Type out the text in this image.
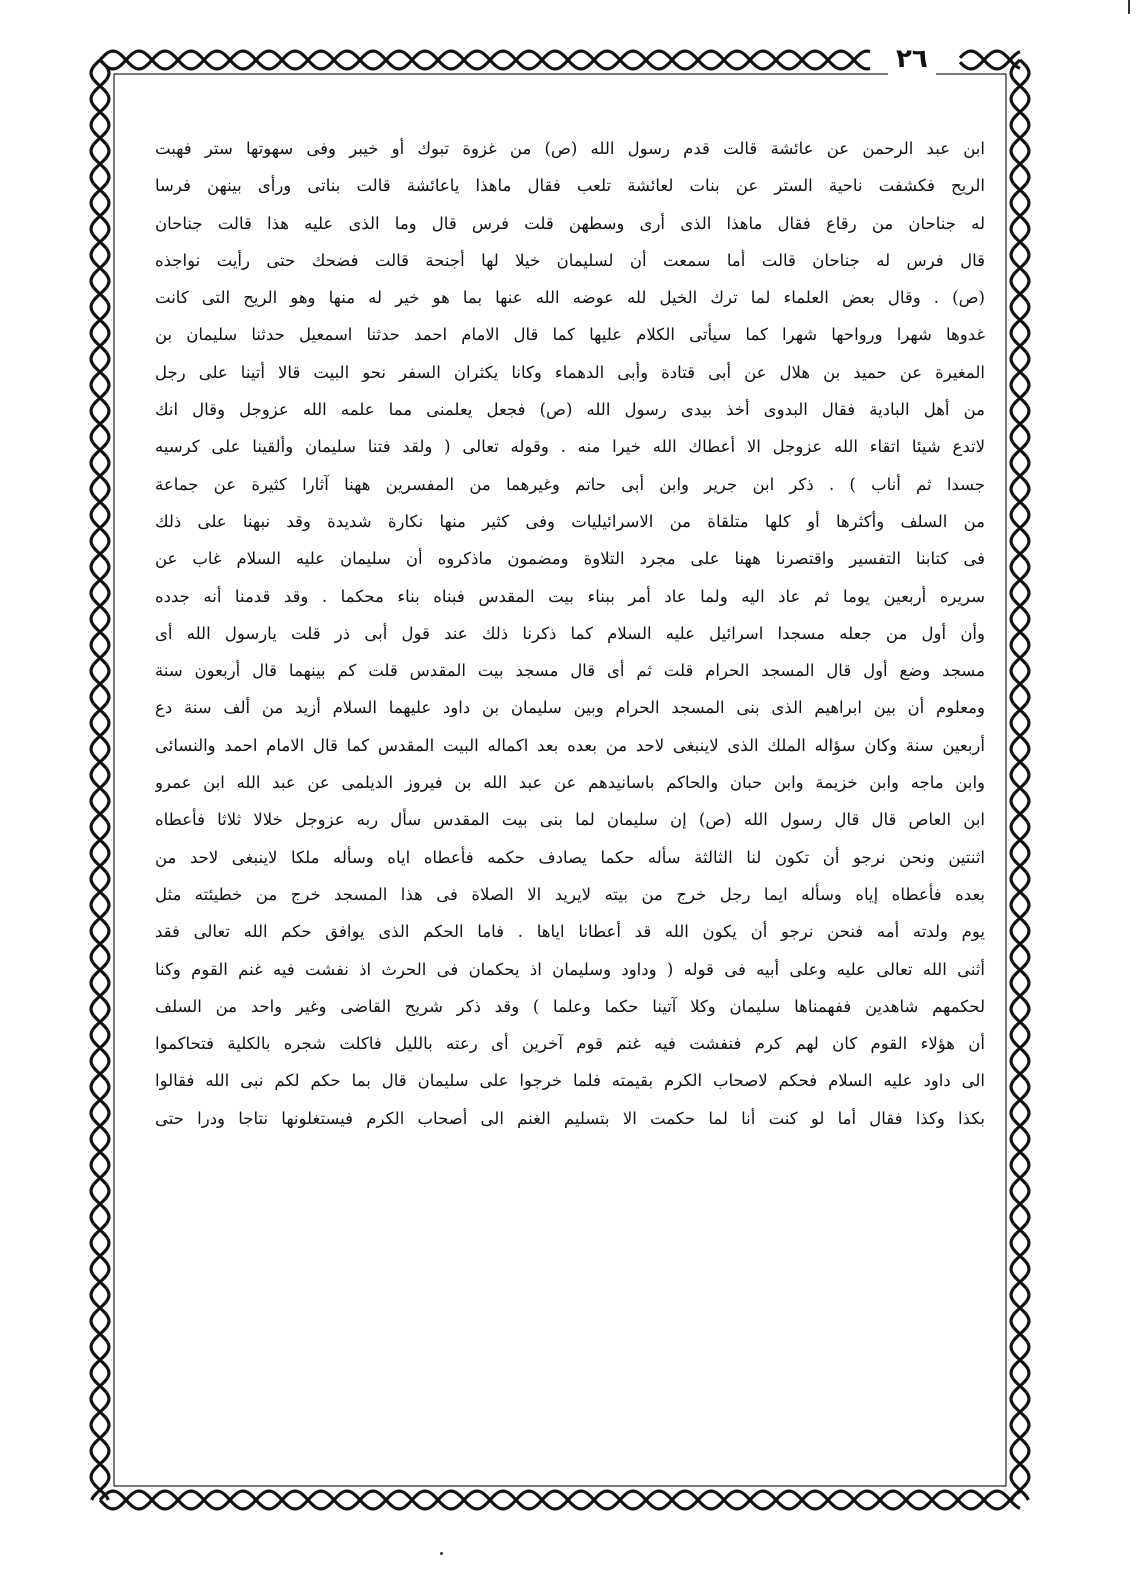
٢٦
ابن عبد الرحمن عن عائشة قالت قدم رسول الله (ص) من غزوة تبوك أو خيبر وفى سهوتها ستر فهبت
الريح فكشفت ناحية الستر عن بنات لعائشة تلعب فقال ماهذا ياعائشة قالت بناتى ورأى بينهن فرسا
له جناحان من رقاع فقال ماهذا الذى أرى وسطهن قلت فرس قال وما الذى عليه هذا قالت جناحان
قال فرس له جناحان قالت أما سمعت أن لسليمان خيلا لها أجنحة قالت فضحك حتى رأيت نواجذه
(ص) . وقال بعض العلماء لما ترك الخيل لله عوضه الله عنها بما هو خير له منها وهو الريح التى كانت
غدوها شهرا ورواحها شهرا كما سيأتى الكلام عليها كما قال الامام احمد حدثنا اسمعيل حدثنا سليمان بن
المغيرة عن حميد بن هلال عن أبى قتادة وأبى الدهماء وكانا يكثران السفر نحو البيت قالا أتينا على رجل
من أهل البادية فقال البدوى أخذ بيدى رسول الله (ص) فجعل يعلمنى مما علمه الله عزوجل وقال انك
لاتدع شيئا اتقاء الله عزوجل الا أعطاك الله خيرا منه . وقوله تعالى ( ولقد فتنا سليمان وألقينا على كرسيه
جسدا ثم أناب ) . ذكر ابن جرير وابن أبى حاتم وغيرهما من المفسرين ههنا آثارا كثيرة عن جماعة
من السلف وأكثرها أو كلها متلقاة من الاسرائيليات وفى كثير منها نكارة شديدة وقد نبهنا على ذلك
فى كتابنا التفسير واقتصرنا ههنا على مجرد التلاوة ومضمون ماذكروه أن سليمان عليه السلام غاب عن
سريره أربعين يوما ثم عاد اليه ولما عاد أمر ببناء بيت المقدس فبناه بناء محكما . وقد قدمنا أنه جدده
وأن أول من جعله مسجدا اسرائيل عليه السلام كما ذكرنا ذلك عند قول أبى ذر قلت يارسول الله أى
مسجد وضع أول قال المسجد الحرام قلت ثم أى قال مسجد بيت المقدس قلت كم بينهما قال أربعون سنة
ومعلوم أن بين ابراهيم الذى بنى المسجد الحرام وبين سليمان بن داود عليهما السلام أزيد من ألف سنة دع
أربعين سنة وكان سؤاله الملك الذى لاينبغى لاحد من بعده بعد اكماله البيت المقدس كما قال الامام احمد والنسائى
وابن ماجه وابن خزيمة وابن حبان والحاكم باسانيدهم عن عبد الله بن فيروز الديلمى عن عبد الله ابن عمرو
ابن العاص قال قال رسول الله (ص) إن سليمان لما بنى بيت المقدس سأل ربه عزوجل خلالا ثلاثا فأعطاه
اثنتين ونحن نرجو أن تكون لنا الثالثة سأله حكما يصادف حكمه فأعطاه اياه وسأله ملكا لاينبغى لاحد من
بعده فأعطاه إياه وسأله ايما رجل خرج من بيته لايريد الا الصلاة فى هذا المسجد خرج من خطيئته مثل
يوم ولدته أمه فنحن نرجو أن يكون الله قد أعطانا اياها . فاما الحكم الذى يوافق حكم الله تعالى فقد
أثنى الله تعالى عليه وعلى أبيه فى قوله ( وداود وسليمان اذ يحكمان فى الحرث اذ نفشت فيه غنم القوم وكنا
لحكمهم شاهدين ففهمناها سليمان وكلا آتينا حكما وعلما ) وقد ذكر شريح القاضى وغير واحد من السلف
أن هؤلاء القوم كان لهم كرم فنفشت فيه غنم قوم آخرين أى رعته بالليل فاكلت شجره بالكلية فتحاكموا
الى داود عليه السلام فحكم لاصحاب الكرم بقيمته فلما خرجوا على سليمان قال بما حكم لكم نبى الله فقالوا
بكذا وكذا فقال أما لو كنت أنا لما حكمت الا بتسليم الغنم الى أصحاب الكرم فيستغلونها نتاجا ودرا حتى
